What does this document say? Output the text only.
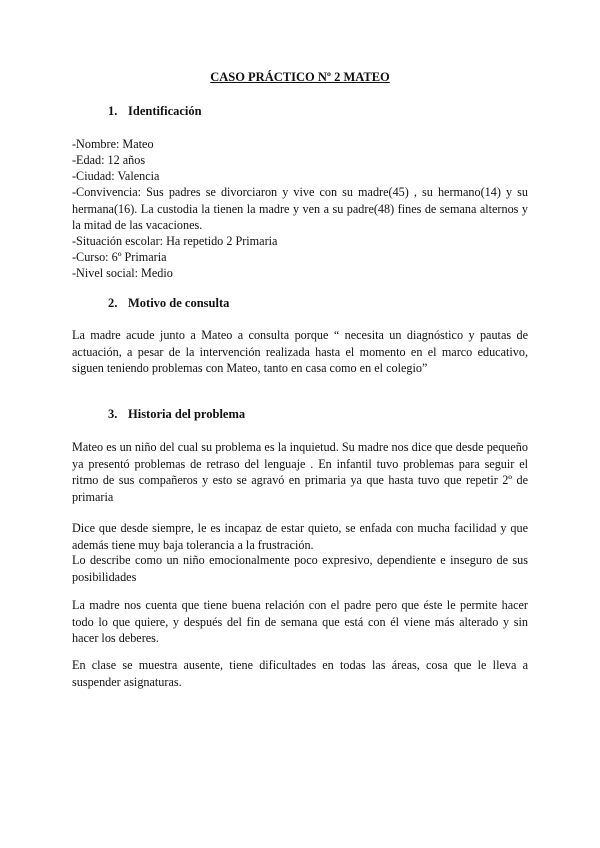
CASO PRÁCTICO Nº 2 MATEO
1. Identificación
-Nombre: Mateo
-Edad: 12 años
-Ciudad: Valencia
-Convivencia: Sus padres se divorciaron y vive con su madre(45) , su hermano(14) y su hermana(16). La custodia la tienen la madre y ven a su padre(48) fines de semana alternos y la mitad de las vacaciones.
-Situación escolar: Ha repetido 2 Primaria
-Curso: 6º Primaria
-Nivel social: Medio
2. Motivo de consulta
La madre acude junto a Mateo a consulta porque “ necesita un diagnóstico y pautas de actuación, a pesar de la intervención realizada hasta el momento en el marco educativo, siguen teniendo problemas con Mateo, tanto en casa como en el colegio”
3. Historia del problema
Mateo es un niño del cual su problema es la inquietud. Su madre nos dice que desde pequeño ya presentó problemas de retraso del lenguaje . En infantil tuvo problemas para seguir el ritmo de sus compañeros y esto se agravó en primaria ya que hasta tuvo que repetir 2º de primaria
Dice que desde siempre, le es incapaz de estar quieto, se enfada con mucha facilidad y que además tiene muy baja tolerancia a la frustración.
Lo describe como un niño emocionalmente poco expresivo, dependiente e inseguro de sus posibilidades
La madre nos cuenta que tiene buena relación con el padre pero que éste le permite hacer todo lo que quiere, y después del fin de semana que está con él viene más alterado y sin hacer los deberes.
En clase se muestra ausente, tiene dificultades en todas las áreas, cosa que le lleva a suspender asignaturas.
